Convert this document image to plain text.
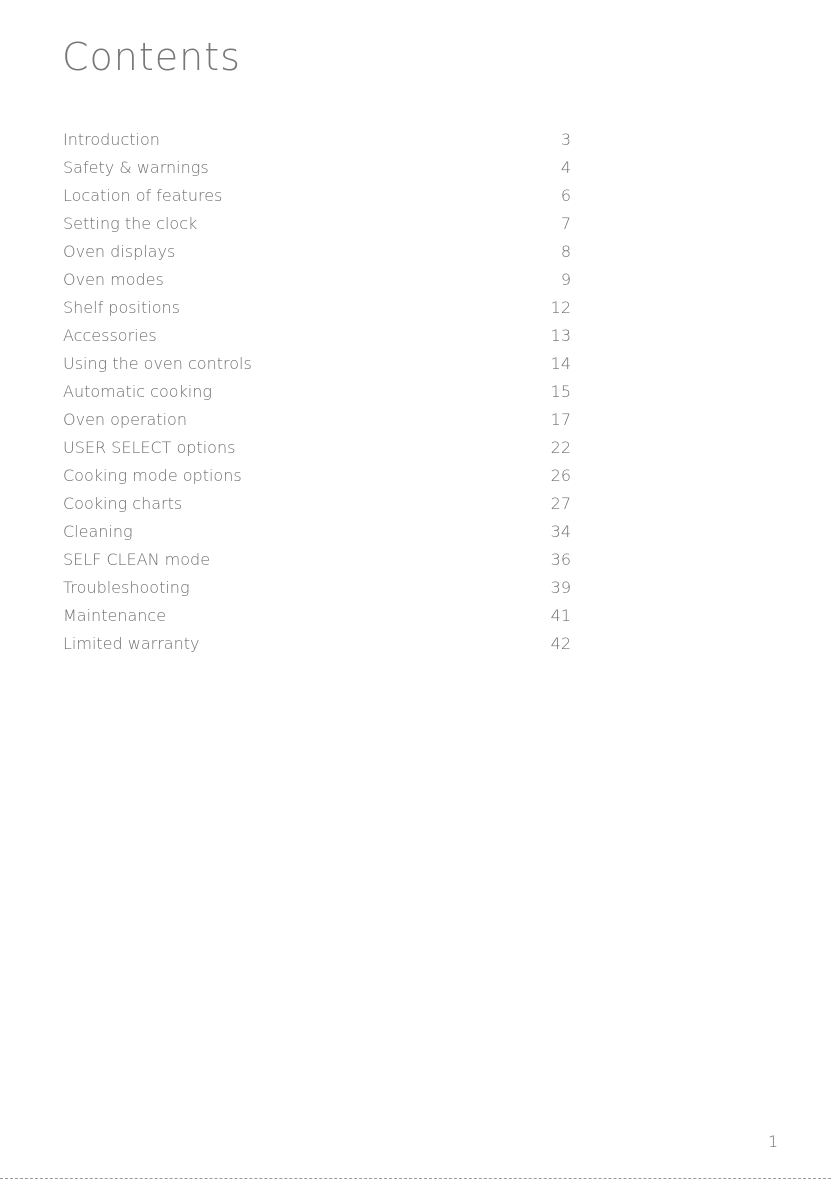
Contents
Introduction	3
Safety & warnings	4
Location of features	6
Setting the clock	7
Oven displays	8
Oven modes	9
Shelf positions	12
Accessories	13
Using the oven controls	14
Automatic cooking	15
Oven operation	17
USER SELECT options	22
Cooking mode options	26
Cooking charts	27
Cleaning	34
SELF CLEAN mode	36
Troubleshooting	39
Maintenance	41
Limited warranty	42
1
